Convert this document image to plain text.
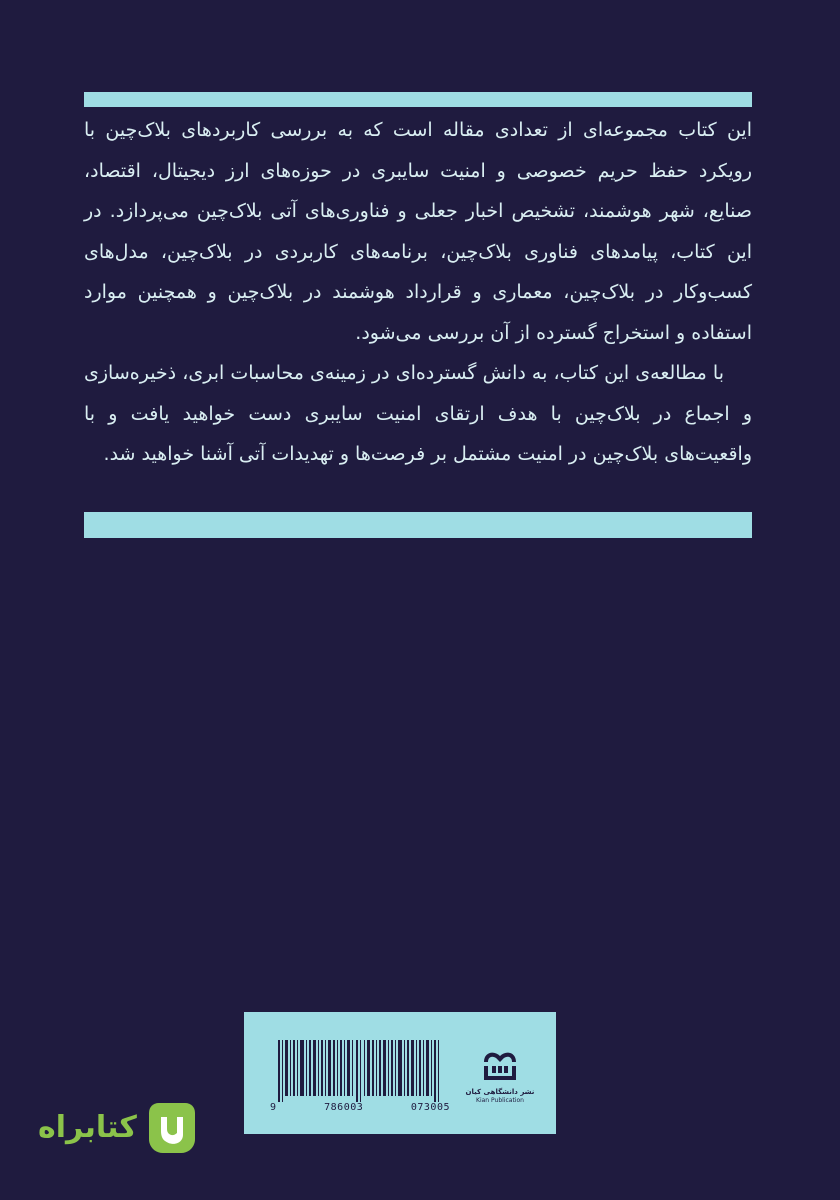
این کتاب مجموعه‌ای از تعدادی مقاله است که به بررسی کاربردهای بلاک‌چین با رویکرد حفظ حریم خصوصی و امنیت سایبری در حوزه‌های ارز دیجیتال، اقتصاد، صنایع، شهر هوشمند، تشخیص اخبار جعلی و فناوری‌های آتی بلاک‌چین می‌پردازد. در این کتاب، پیامدهای فناوری بلاک‌چین، برنامه‌های کاربردی در بلاک‌چین، مدل‌های کسب‌وکار در بلاک‌چین، معماری و قرارداد هوشمند در بلاک‌چین و همچنین موارد استفاده و استخراج گسترده از آن بررسی می‌شود.

با مطالعه‌ی این کتاب، به دانش گسترده‌ای در زمینه‌ی محاسبات ابری، ذخیره‌سازی و اجماع در بلاک‌چین با هدف ارتقای امنیت سایبری دست خواهید یافت و با واقعیت‌های بلاک‌چین در امنیت مشتمل بر فرصت‌ها و تهدیدات آتی آشنا خواهید شد.

9	786003	073005
نشر دانشگاهی کیان
Kian Publication
کتابراه
